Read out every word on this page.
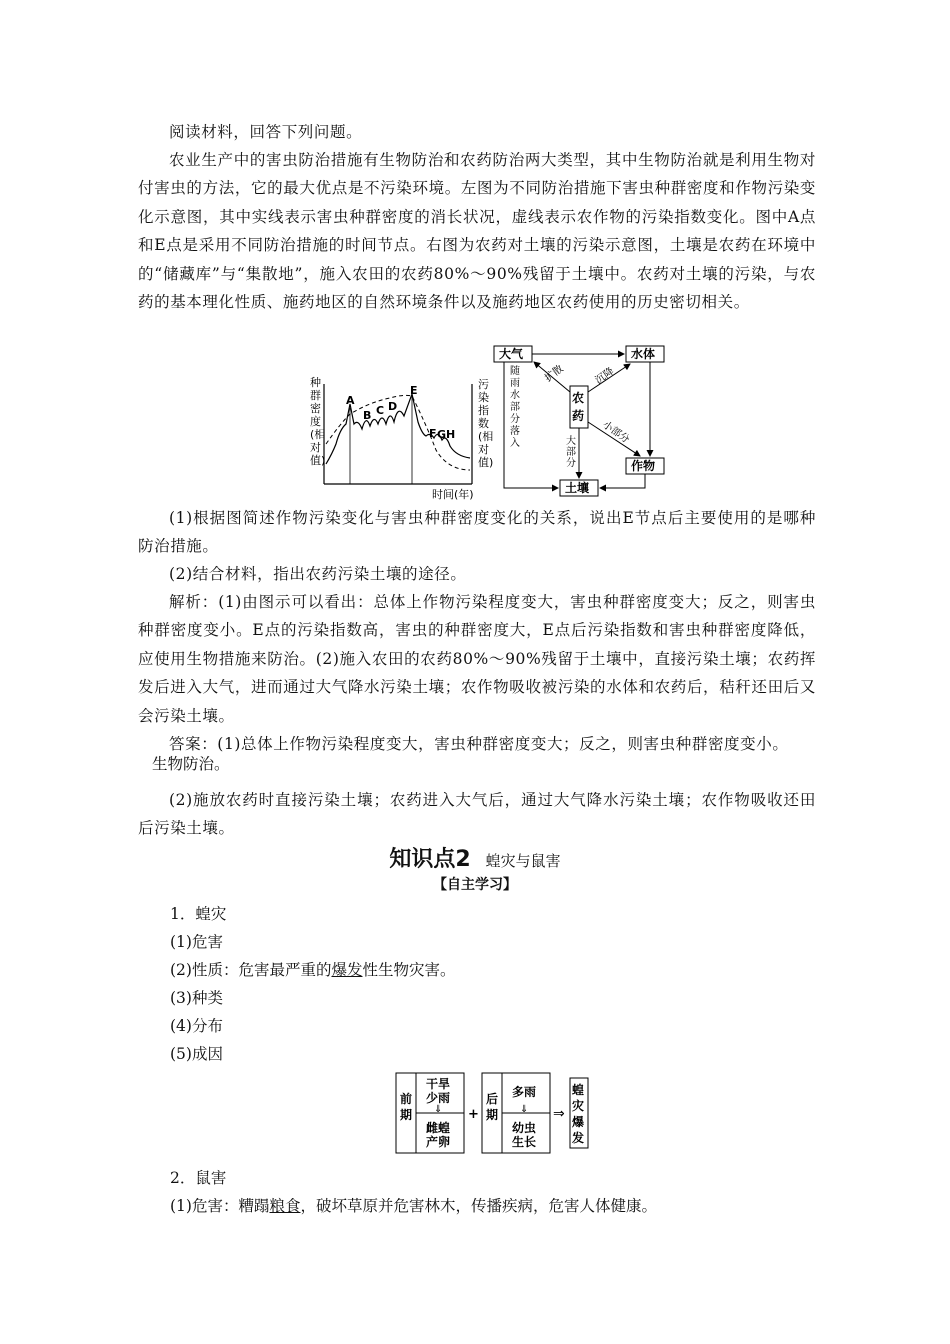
阅读材料，回答下列问题。
农业生产中的害虫防治措施有生物防治和农药防治两大类型，其中生物防治就是利用生物对付害虫的方法，它的最大优点是不污染环境。左图为不同防治措施下害虫种群密度和作物污染变化示意图，其中实线表示害虫种群密度的消长状况，虚线表示农作物的污染指数变化。图中A点和E点是采用不同防治措施的时间节点。右图为农药对土壤的污染示意图，土壤是农药在环境中的“储藏库”与“集散地”，施入农田的农药80%～90%残留于土壤中。农药对土壤的污染，与农药的基本理化性质、施药地区的自然环境条件以及施药地区农药使用的历史密切相关。
种群密度(相对值)
A
B C D
E
F G H
污染指数(相对值)
时间(年)
大气	水体
农药
作物
土壤
扩散	沉降
小部分
大部分
随雨水部分落入
(1)根据图简述作物污染变化与害虫种群密度变化的关系，说出E节点后主要使用的是哪种防治措施。
(2)结合材料，指出农药污染土壤的途径。
解析：(1)由图示可以看出：总体上作物污染程度变大，害虫种群密度变大；反之，则害虫种群密度变小。E点的污染指数高，害虫的种群密度大，E点后污染指数和害虫种群密度降低，应使用生物措施来防治。(2)施入农田的农药80%～90%残留于土壤中，直接污染土壤；农药挥发后进入大气，进而通过大气降水污染土壤；农作物吸收被污染的水体和农药后，秸秆还田后又会污染土壤。
答案：(1)总体上作物污染程度变大，害虫种群密度变大；反之，则害虫种群密度变小。
生物防治。
(2)施放农药时直接污染土壤；农药进入大气后，通过大气降水污染土壤；农作物吸收还田后污染土壤。
知识点2 蝗灾与鼠害
【自主学习】
1．蝗灾
(1)危害
(2)性质：危害最严重的爆发性生物灾害。
(3)种类
(4)分布
(5)成因
前期
干旱少雨
⇓
雌蝗产卵
+
后期
多雨
⇓
幼虫生长
⇒
蝗灾爆发
2．鼠害
(1)危害：糟蹋粮食，破坏草原并危害林木，传播疾病，危害人体健康。
